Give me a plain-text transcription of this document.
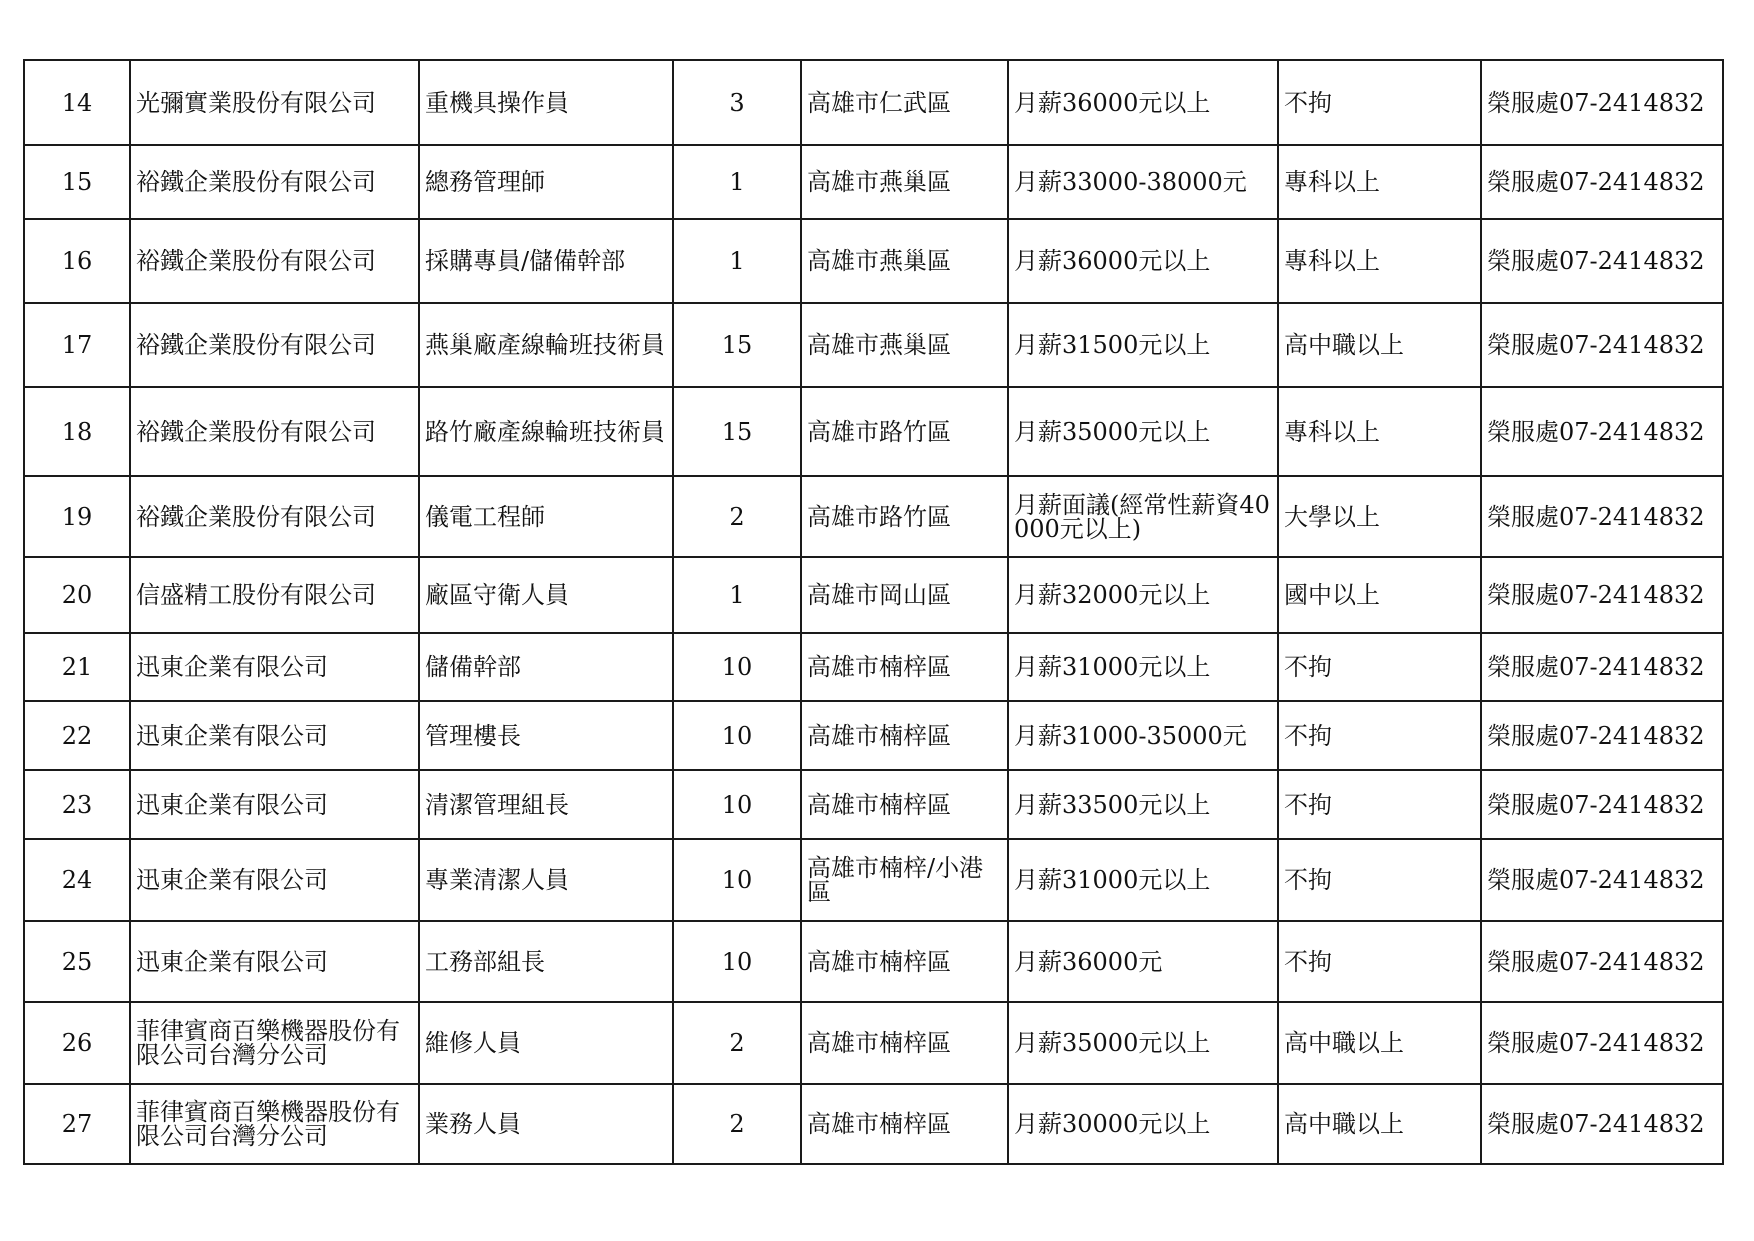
14	光彌實業股份有限公司	重機具操作員	3	高雄市仁武區	月薪36000元以上	不拘	榮服處07-2414832
15	裕鐵企業股份有限公司	總務管理師	1	高雄市燕巢區	月薪33000-38000元	專科以上	榮服處07-2414832
16	裕鐵企業股份有限公司	採購專員/儲備幹部	1	高雄市燕巢區	月薪36000元以上	專科以上	榮服處07-2414832
17	裕鐵企業股份有限公司	燕巢廠產線輪班技術員	15	高雄市燕巢區	月薪31500元以上	高中職以上	榮服處07-2414832
18	裕鐵企業股份有限公司	路竹廠產線輪班技術員	15	高雄市路竹區	月薪35000元以上	專科以上	榮服處07-2414832
19	裕鐵企業股份有限公司	儀電工程師	2	高雄市路竹區	月薪面議(經常性薪資40000元以上)	大學以上	榮服處07-2414832
20	信盛精工股份有限公司	廠區守衛人員	1	高雄市岡山區	月薪32000元以上	國中以上	榮服處07-2414832
21	迅東企業有限公司	儲備幹部	10	高雄市楠梓區	月薪31000元以上	不拘	榮服處07-2414832
22	迅東企業有限公司	管理樓長	10	高雄市楠梓區	月薪31000-35000元	不拘	榮服處07-2414832
23	迅東企業有限公司	清潔管理組長	10	高雄市楠梓區	月薪33500元以上	不拘	榮服處07-2414832
24	迅東企業有限公司	專業清潔人員	10	高雄市楠梓/小港區	月薪31000元以上	不拘	榮服處07-2414832
25	迅東企業有限公司	工務部組長	10	高雄市楠梓區	月薪36000元	不拘	榮服處07-2414832
26	菲律賓商百樂機器股份有限公司台灣分公司	維修人員	2	高雄市楠梓區	月薪35000元以上	高中職以上	榮服處07-2414832
27	菲律賓商百樂機器股份有限公司台灣分公司	業務人員	2	高雄市楠梓區	月薪30000元以上	高中職以上	榮服處07-2414832
